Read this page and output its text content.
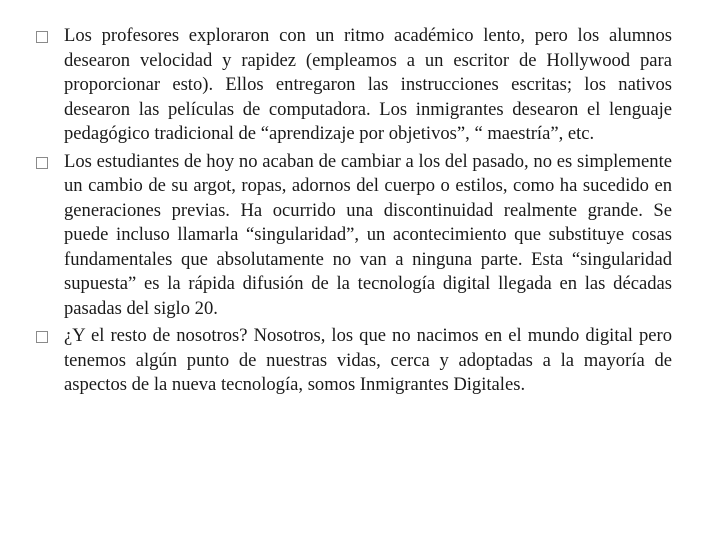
Los profesores exploraron con un ritmo académico lento, pero los alumnos desearon velocidad y rapidez (empleamos a un escritor de Hollywood para proporcionar esto). Ellos entregaron las instrucciones escritas; los nativos desearon las películas de computadora. Los inmigrantes desearon el lenguaje pedagógico tradicional de “aprendizaje por objetivos”, “ maestría”, etc.
Los estudiantes de hoy no acaban de cambiar a los del pasado, no es simplemente un cambio de su argot, ropas, adornos del cuerpo o estilos, como ha sucedido en generaciones previas. Ha ocurrido una discontinuidad realmente grande. Se puede incluso llamarla “singularidad”, un acontecimiento que substituye cosas fundamentales que absolutamente no van a ninguna parte. Esta “singularidad supuesta” es la rápida difusión de la tecnología digital llegada en las décadas pasadas del siglo 20.
¿Y el resto de nosotros? Nosotros, los que no nacimos en el mundo digital pero tenemos algún punto de nuestras vidas, cerca y adoptadas a la mayoría de aspectos de la nueva tecnología, somos Inmigrantes Digitales.
